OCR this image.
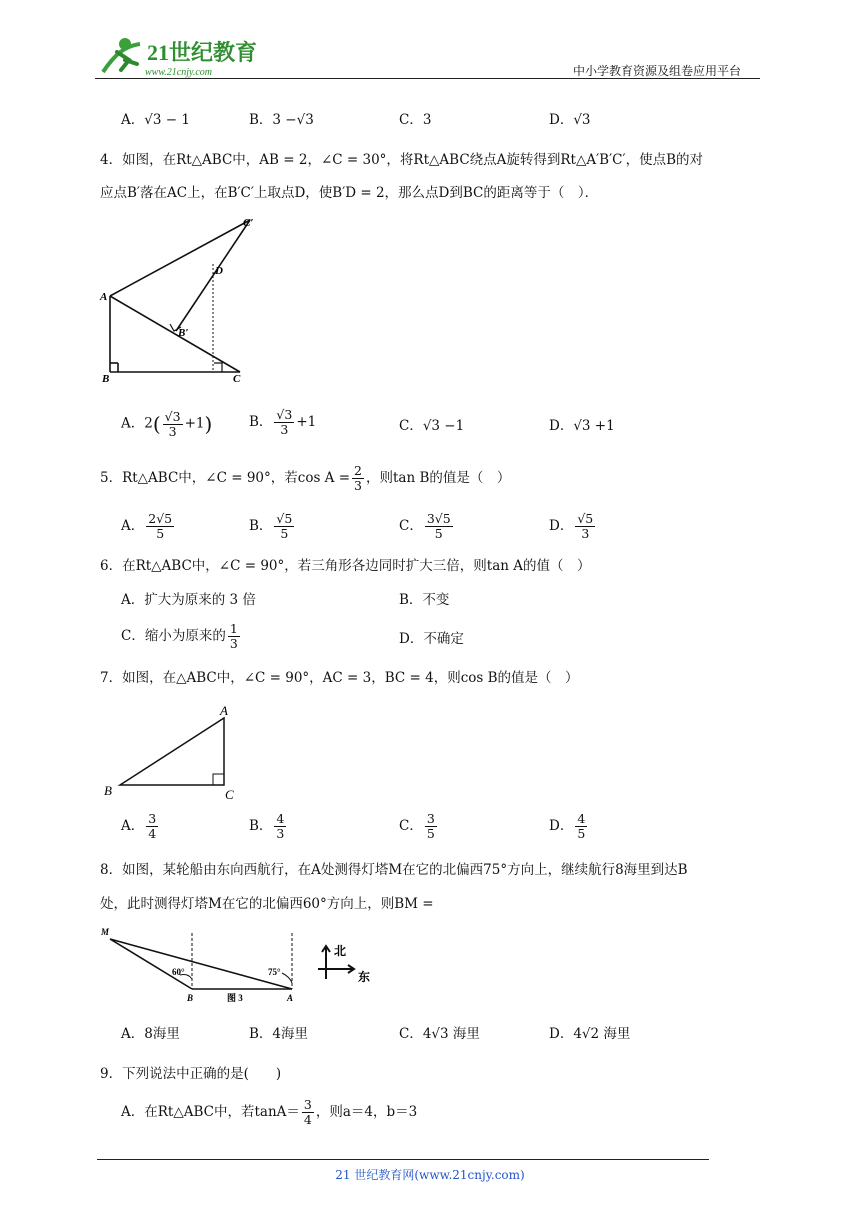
21世纪教育
www.21cnjy.com	中小学教育资源及组卷应用平台
A．√3 − 1	B．3 −√3	C．3	D．√3
4．如图，在Rt△ABC中，AB = 2，∠C = 30°，将Rt△ABC绕点A旋转得到Rt△A′B′C′，使点B的对
应点B′落在AC上，在B′C′上取点D，使B′D = 2，那么点D到BC的距离等于（　）．
A
B	C
C′
D
B′
A．$2( \frac{√3}{3} +1)$	B． $\frac{√3}{3} +1$	C．√3 −1	D．√3 +1
5．Rt△ABC中，∠C = 90°，若$\cos A = \frac{2}{3}$ ，则tan B的值是（　）
A． $\frac{2√5}{5}$	B． $\frac{√5}{5}$	C． $\frac{3√5}{5}$	D． $\frac{√5}{3}$
6．在Rt△ABC中，∠C = 90°，若三角形各边同时扩大三倍，则tan A的值（　）
A．扩大为原来的 3 倍	B．不变
C．缩小为原来的 $\frac{1}{3}$	D．不确定
7．如图，在△ABC中，∠C = 90°，AC = 3，BC = 4，则cos B的值是（　）
A
B	C
A． $\frac{3}{4}$	B． $\frac{4}{3}$	C． $\frac{3}{5}$	D． $\frac{4}{5}$
8．如图，某轮船由东向西航行，在A处测得灯塔M在它的北偏西75°方向上，继续航行8海里到达B
处，此时测得灯塔M在它的北偏西60°方向上，则BM =
M
B	A
图 3
60°	75°
北
东
A．8海里	B．4海里	C．4√3 海里	D．4√2 海里
9．下列说法中正确的是(　　)
A．在Rt△ABC中，若$\tan A= \frac{3}{4}$ ，则a＝4，b＝3
21 世纪教育网(www.21cnjy.com)
